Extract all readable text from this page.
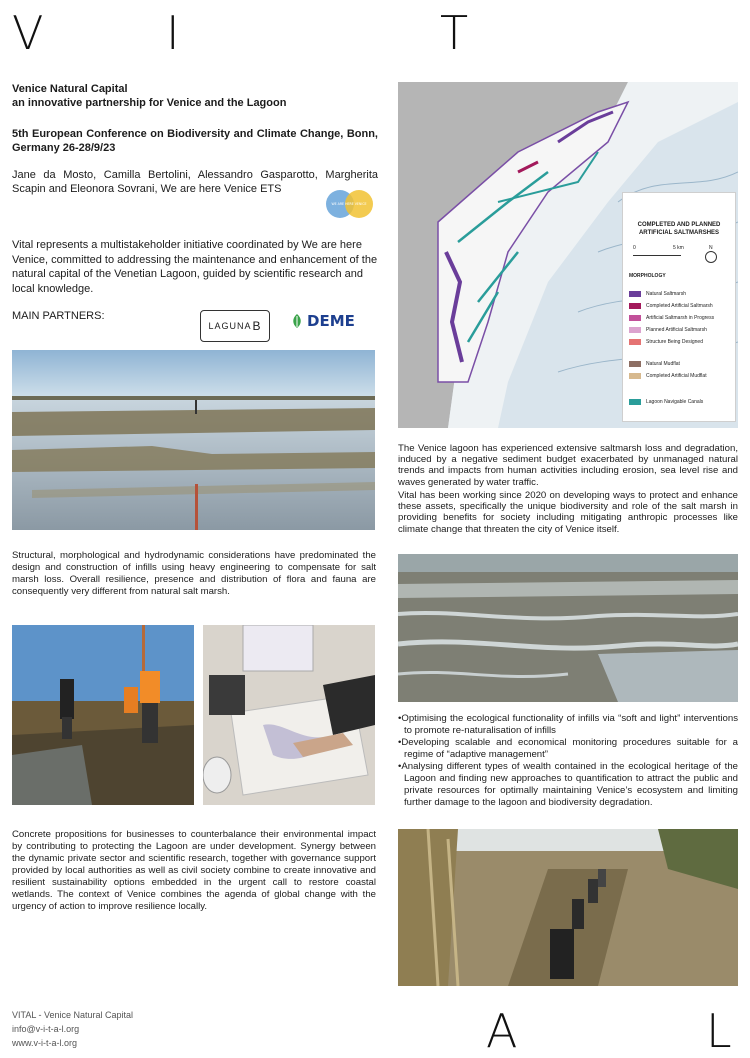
V	I	T
Venice Natural Capital
an innovative partnership for Venice and the Lagoon
5th European Conference on Biodiversity and Climate Change, Bonn, Germany 26-28/9/23
Jane da Mosto, Camilla Bertolini, Alessandro Gasparotto, Margherita Scapin and Eleonora Sovrani, We are here Venice ETS
WE ARE HERE VENICE
Vital represents a multistakeholder initiative coordinated by We are here Venice, committed to addressing the maintenance and enhancement of the natural capital of the Venetian Lagoon, guided by scientific research and local knowledge.
MAIN PARTNERS:
LAGUNA B	DEME
Structural, morphological and hydrodynamic considerations have predominated the design and construction of infills using heavy engineering to compensate for salt marsh loss. Overall resilience, presence and distribution of flora and fauna are consequently very different from natural salt marsh.
Concrete propositions for businesses to counterbalance their environmental impact by contributing to protecting the Lagoon are under development. Synergy between the dynamic private sector and scientific research, together with governance support provided by local authorities as well as civil society combine to create innovative and resilient sustainability options embedded in the urgent call to restore coastal wetlands. The context of Venice combines the agenda of global change with the urgency of action to improve resilience locally.
COMPLETED AND PLANNED ARTIFICIAL SALTMARSHES
0	5 km	N
MORPHOLOGY
Natural Saltmarsh
Completed Artificial Saltmarsh
Artificial Saltmarsh in Progress
Planned Artificial Saltmarsh
Structure Being Designed
Natural Mudflat
Completed Artificial Mudflat
Lagoon Navigable Canals
The Venice lagoon has experienced extensive saltmarsh loss and degradation, induced by a negative sediment budget exacerbated by unmanaged natural trends and impacts from human activities including erosion, sea level rise and waves generated by water traffic.
Vital has been working since 2020 on developing ways to protect and enhance these assets, specifically the unique biodiversity and role of the salt marsh in providing benefits for society including mitigating anthropic processes like climate change that threaten the city of Venice itself.
•Optimising the ecological functionality of infills via “soft and light” interventions to promote re-naturalisation of infills
•Developing scalable and economical monitoring procedures suitable for a regime of “adaptive management”
•Analysing different types of wealth contained in the ecological heritage of the Lagoon and finding new approaches to quantification to attract the public and private resources for optimally maintaining Venice’s ecosystem and limiting further damage to the lagoon and biodiversity degradation.
VITAL - Venice Natural Capital
info@v-i-t-a-l.org
www.v-i-t-a-l.org	A	L
